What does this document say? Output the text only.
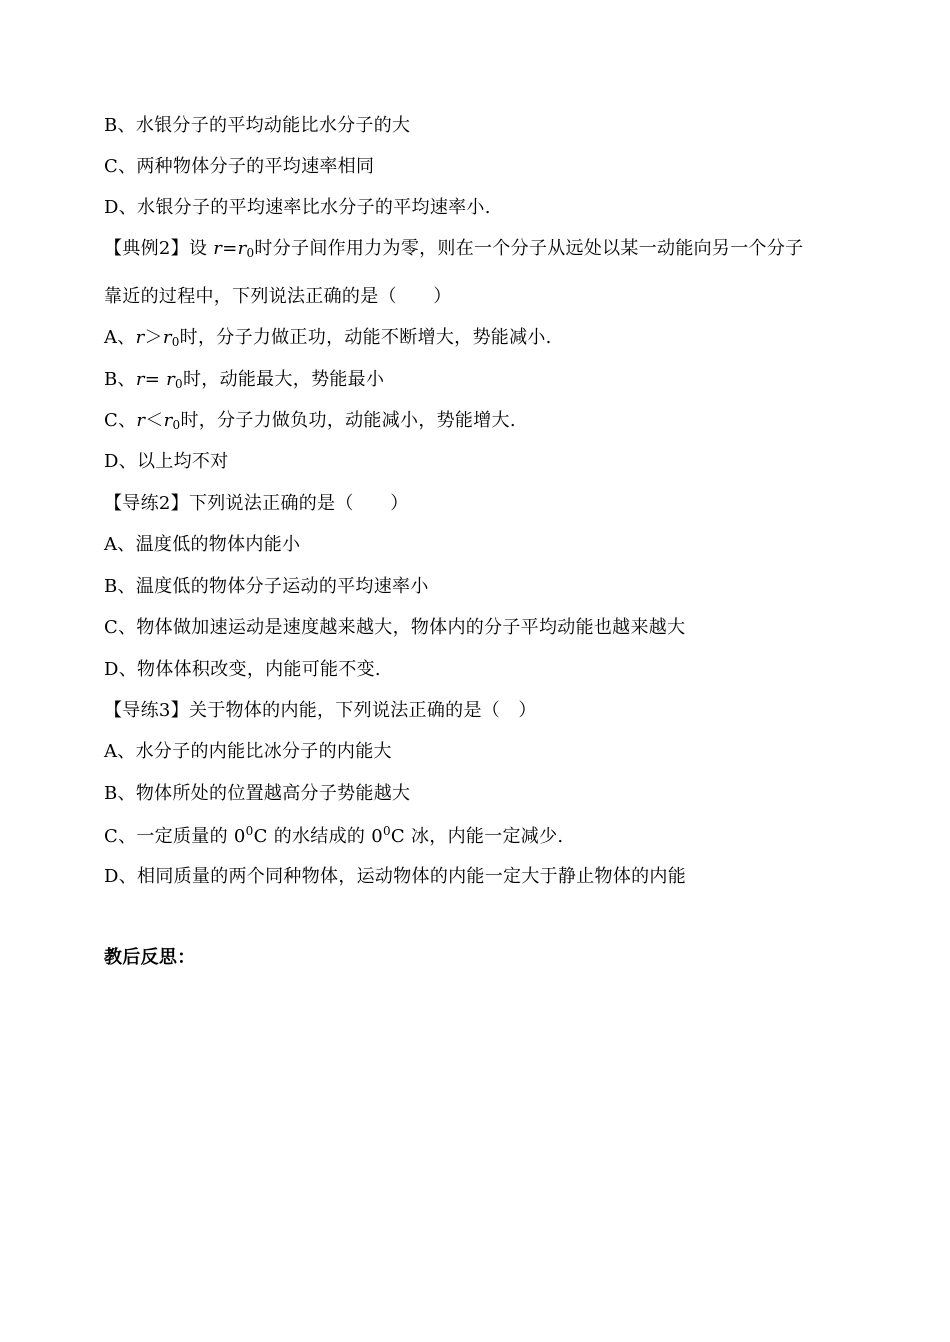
B、水银分子的平均动能比水分子的大
C、两种物体分子的平均速率相同
D、水银分子的平均速率比水分子的平均速率小.
【典例2】设 $r=r_0$时分子间作用力为零，则在一个分子从远处以某一动能向另一个分子
靠近的过程中，下列说法正确的是（　　）
A、$r>r_0$时，分子力做正功，动能不断增大，势能减小.
B、$r= r_0$时，动能最大，势能最小
C、$r<r_0$时，分子力做负功，动能减小，势能增大.
D、以上均不对
【导练2】下列说法正确的是（　　）
A、温度低的物体内能小
B、温度低的物体分子运动的平均速率小
C、物体做加速运动是速度越来越大，物体内的分子平均动能也越来越大
D、物体体积改变，内能可能不变.
【导练3】关于物体的内能，下列说法正确的是（　）
A、水分子的内能比冰分子的内能大
B、物体所处的位置越高分子势能越大
C、一定质量的 $0^0C$ 的水结成的 $0^0C$ 冰，内能一定减少.
D、相同质量的两个同种物体，运动物体的内能一定大于静止物体的内能
教后反思：
